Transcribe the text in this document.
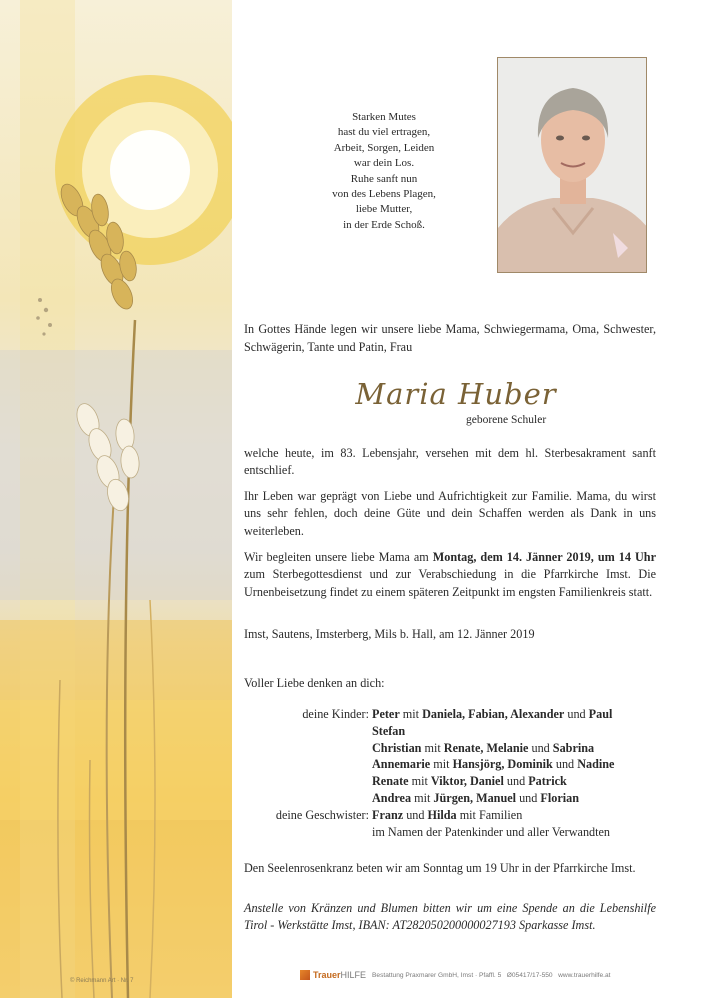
© Reichmann Art · Nr. 7
Starken Mutes
hast du viel ertragen,
Arbeit, Sorgen, Leiden
war dein Los.
Ruhe sanft nun
von des Lebens Plagen,
liebe Mutter,
in der Erde Schoß.
In Gottes Hände legen wir unsere liebe Mama, Schwiegermama, Oma, Schwester, Schwägerin, Tante und Patin, Frau
Maria Huber
geborene Schuler
welche heute, im 83. Lebensjahr, versehen mit dem hl. Sterbesakrament sanft entschlief.
Ihr Leben war geprägt von Liebe und Aufrichtigkeit zur Familie. Mama, du wirst uns sehr fehlen, doch deine Güte und dein Schaffen werden als Dank in uns weiterleben.
Wir begleiten unsere liebe Mama am Montag, dem 14. Jänner 2019, um 14 Uhr zum Sterbegottesdienst und zur Verabschiedung in die Pfarrkirche Imst. Die Urnenbeisetzung findet zu einem späteren Zeitpunkt im engsten Familienkreis statt.
Imst, Sautens, Imsterberg, Mils b. Hall, am 12. Jänner 2019
Voller Liebe denken an dich:
deine Kinder: Peter mit Daniela, Fabian, Alexander und Paul
Stefan
Christian mit Renate, Melanie und Sabrina
Annemarie mit Hansjörg, Dominik und Nadine
Renate mit Viktor, Daniel und Patrick
Andrea mit Jürgen, Manuel und Florian
deine Geschwister: Franz und Hilda mit Familien
im Namen der Patenkinder und aller Verwandten
Den Seelenrosenkranz beten wir am Sonntag um 19 Uhr in der Pfarrkirche Imst.
Anstelle von Kränzen und Blumen bitten wir um eine Spende an die Lebenshilfe Tirol - Werkstätte Imst, IBAN: AT282050200000027193 Sparkasse Imst.
Trauer HILFE Bestattung Praxmarer GmbH, Imst · Pfaffl. 5
Ø05417/17-550
www.trauerhilfe.at
